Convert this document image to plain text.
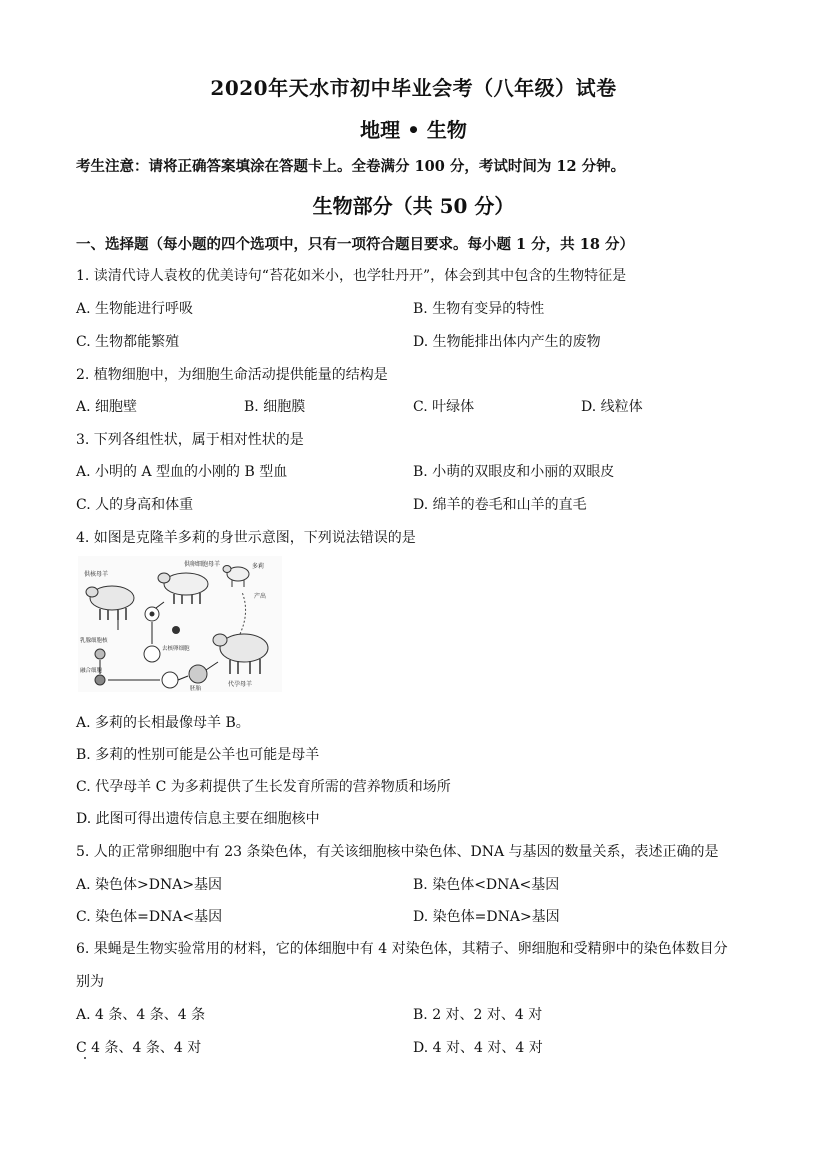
2020年天水市初中毕业会考（八年级）试卷
地理 • 生物
考生注意：请将正确答案填涂在答题卡上。全卷满分 100 分，考试时间为 12 分钟。
生物部分（共 50 分）
一、选择题（每小题的四个选项中，只有一项符合题目要求。每小题 1 分，共 18 分）
1. 读清代诗人袁枚的优美诗句“苔花如米小，也学牡丹开”，体会到其中包含的生物特征是
A. 生物能进行呼吸	B. 生物有变异的特性
C. 生物都能繁殖	D. 生物能排出体内产生的废物
2. 植物细胞中，为细胞生命活动提供能量的结构是
A. 细胞壁	B. 细胞膜	C. 叶绿体	D. 线粒体
3. 下列各组性状，属于相对性状的是
A. 小明的 A 型血的小刚的 B 型血	B. 小萌的双眼皮和小丽的双眼皮
C. 人的身高和体重	D. 绵羊的卷毛和山羊的直毛
4. 如图是克隆羊多莉的身世示意图，下列说法错误的是
供核母羊
供卵细胞母羊	多莉
产出
代孕母羊
乳腺细胞核
去核卵细胞
融合细胞
胚胎
A. 多莉的长相最像母羊 B。
B. 多莉的性别可能是公羊也可能是母羊
C. 代孕母羊 C 为多莉提供了生长发育所需的营养物质和场所
D. 此图可得出遗传信息主要在细胞核中
5. 人的正常卵细胞中有 23 条染色体，有关该细胞核中染色体、DNA 与基因的数量关系，表述正确的是
A. 染色体>DNA>基因	B. 染色体<DNA<基因
C. 染色体=DNA<基因	D. 染色体=DNA>基因
6. 果蝇是生物实验常用的材料，它的体细胞中有 4 对染色体，其精子、卵细胞和受精卵中的染色体数目分
别为
A. 4 条、4 条、4 条	B. 2 对、2 对、4 对
C 4 条、4 条、4 对	D. 4 对、4 对、4 对
